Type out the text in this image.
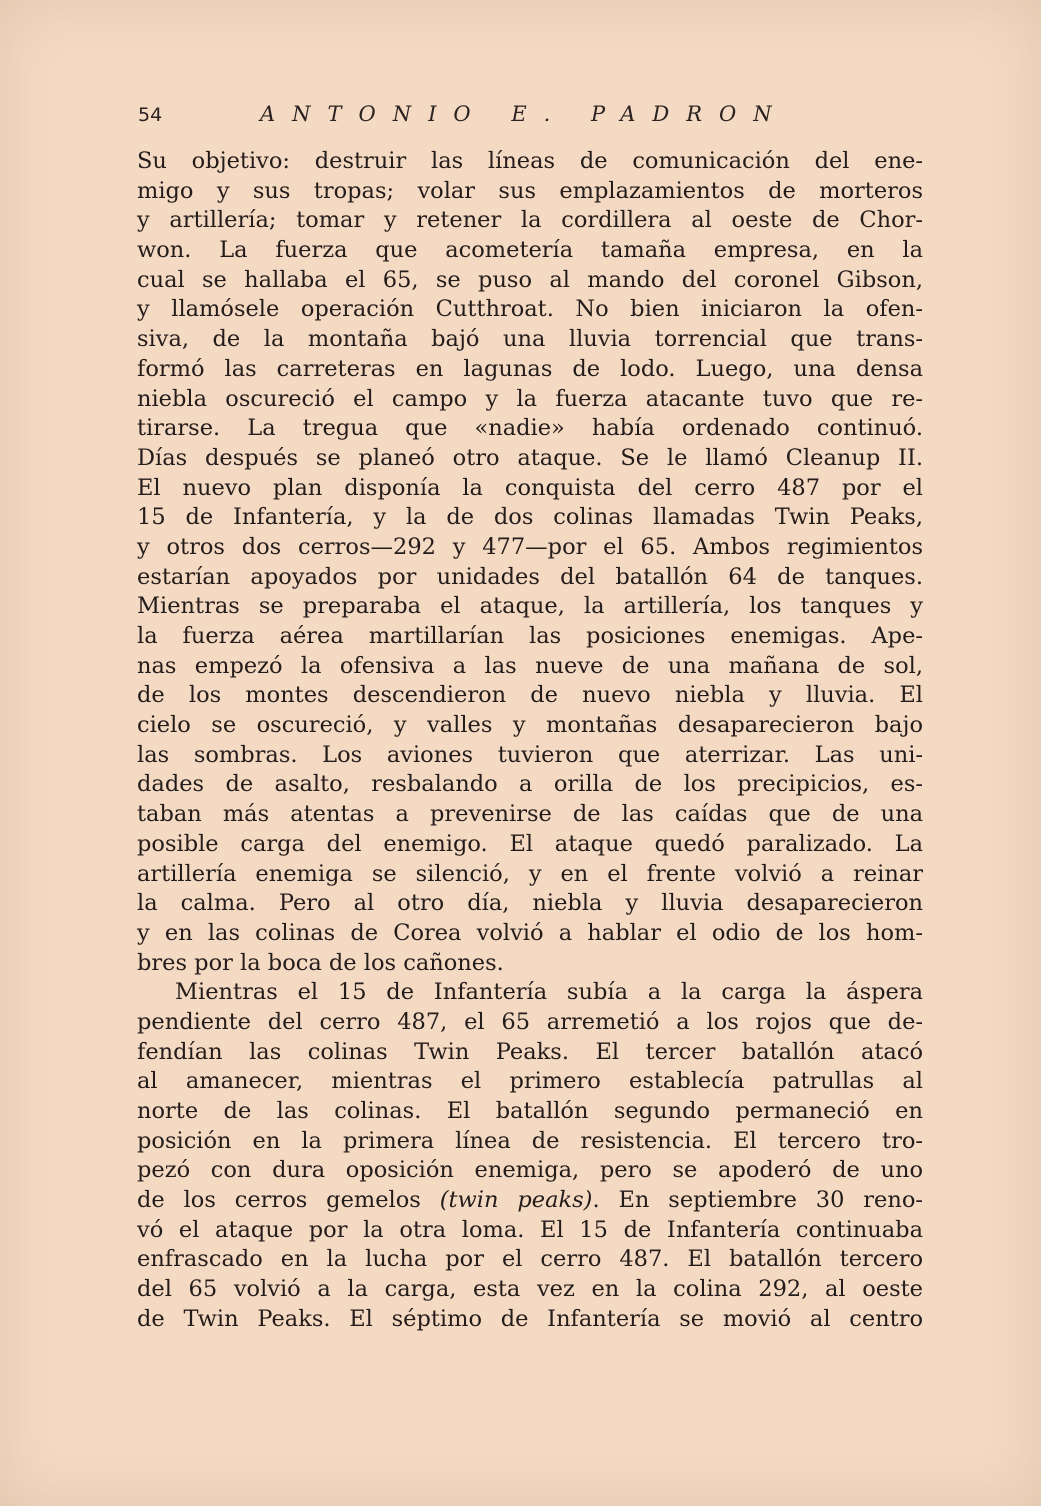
54	ANTONIO E. PADRON
Su objetivo: destruir las líneas de comunicación del ene-
migo y sus tropas; volar sus emplazamientos de morteros
y artillería; tomar y retener la cordillera al oeste de Chor-
won. La fuerza que acometería tamaña empresa, en la
cual se hallaba el 65, se puso al mando del coronel Gibson,
y llamósele operación Cutthroat. No bien iniciaron la ofen-
siva, de la montaña bajó una lluvia torrencial que trans-
formó las carreteras en lagunas de lodo. Luego, una densa
niebla oscureció el campo y la fuerza atacante tuvo que re-
tirarse. La tregua que «nadie» había ordenado continuó.
Días después se planeó otro ataque. Se le llamó Cleanup II.
El nuevo plan disponía la conquista del cerro 487 por el
15 de Infantería, y la de dos colinas llamadas Twin Peaks,
y otros dos cerros—292 y 477—por el 65. Ambos regimientos
estarían apoyados por unidades del batallón 64 de tanques.
Mientras se preparaba el ataque, la artillería, los tanques y
la fuerza aérea martillarían las posiciones enemigas. Ape-
nas empezó la ofensiva a las nueve de una mañana de sol,
de los montes descendieron de nuevo niebla y lluvia. El
cielo se oscureció, y valles y montañas desaparecieron bajo
las sombras. Los aviones tuvieron que aterrizar. Las uni-
dades de asalto, resbalando a orilla de los precipicios, es-
taban más atentas a prevenirse de las caídas que de una
posible carga del enemigo. El ataque quedó paralizado. La
artillería enemiga se silenció, y en el frente volvió a reinar
la calma. Pero al otro día, niebla y lluvia desaparecieron
y en las colinas de Corea volvió a hablar el odio de los hom-
bres por la boca de los cañones.
Mientras el 15 de Infantería subía a la carga la áspera
pendiente del cerro 487, el 65 arremetió a los rojos que de-
fendían las colinas Twin Peaks. El tercer batallón atacó
al amanecer, mientras el primero establecía patrullas al
norte de las colinas. El batallón segundo permaneció en
posición en la primera línea de resistencia. El tercero tro-
pezó con dura oposición enemiga, pero se apoderó de uno
de los cerros gemelos (twin peaks). En septiembre 30 reno-
vó el ataque por la otra loma. El 15 de Infantería continuaba
enfrascado en la lucha por el cerro 487. El batallón tercero
del 65 volvió a la carga, esta vez en la colina 292, al oeste
de Twin Peaks. El séptimo de Infantería se movió al centro
